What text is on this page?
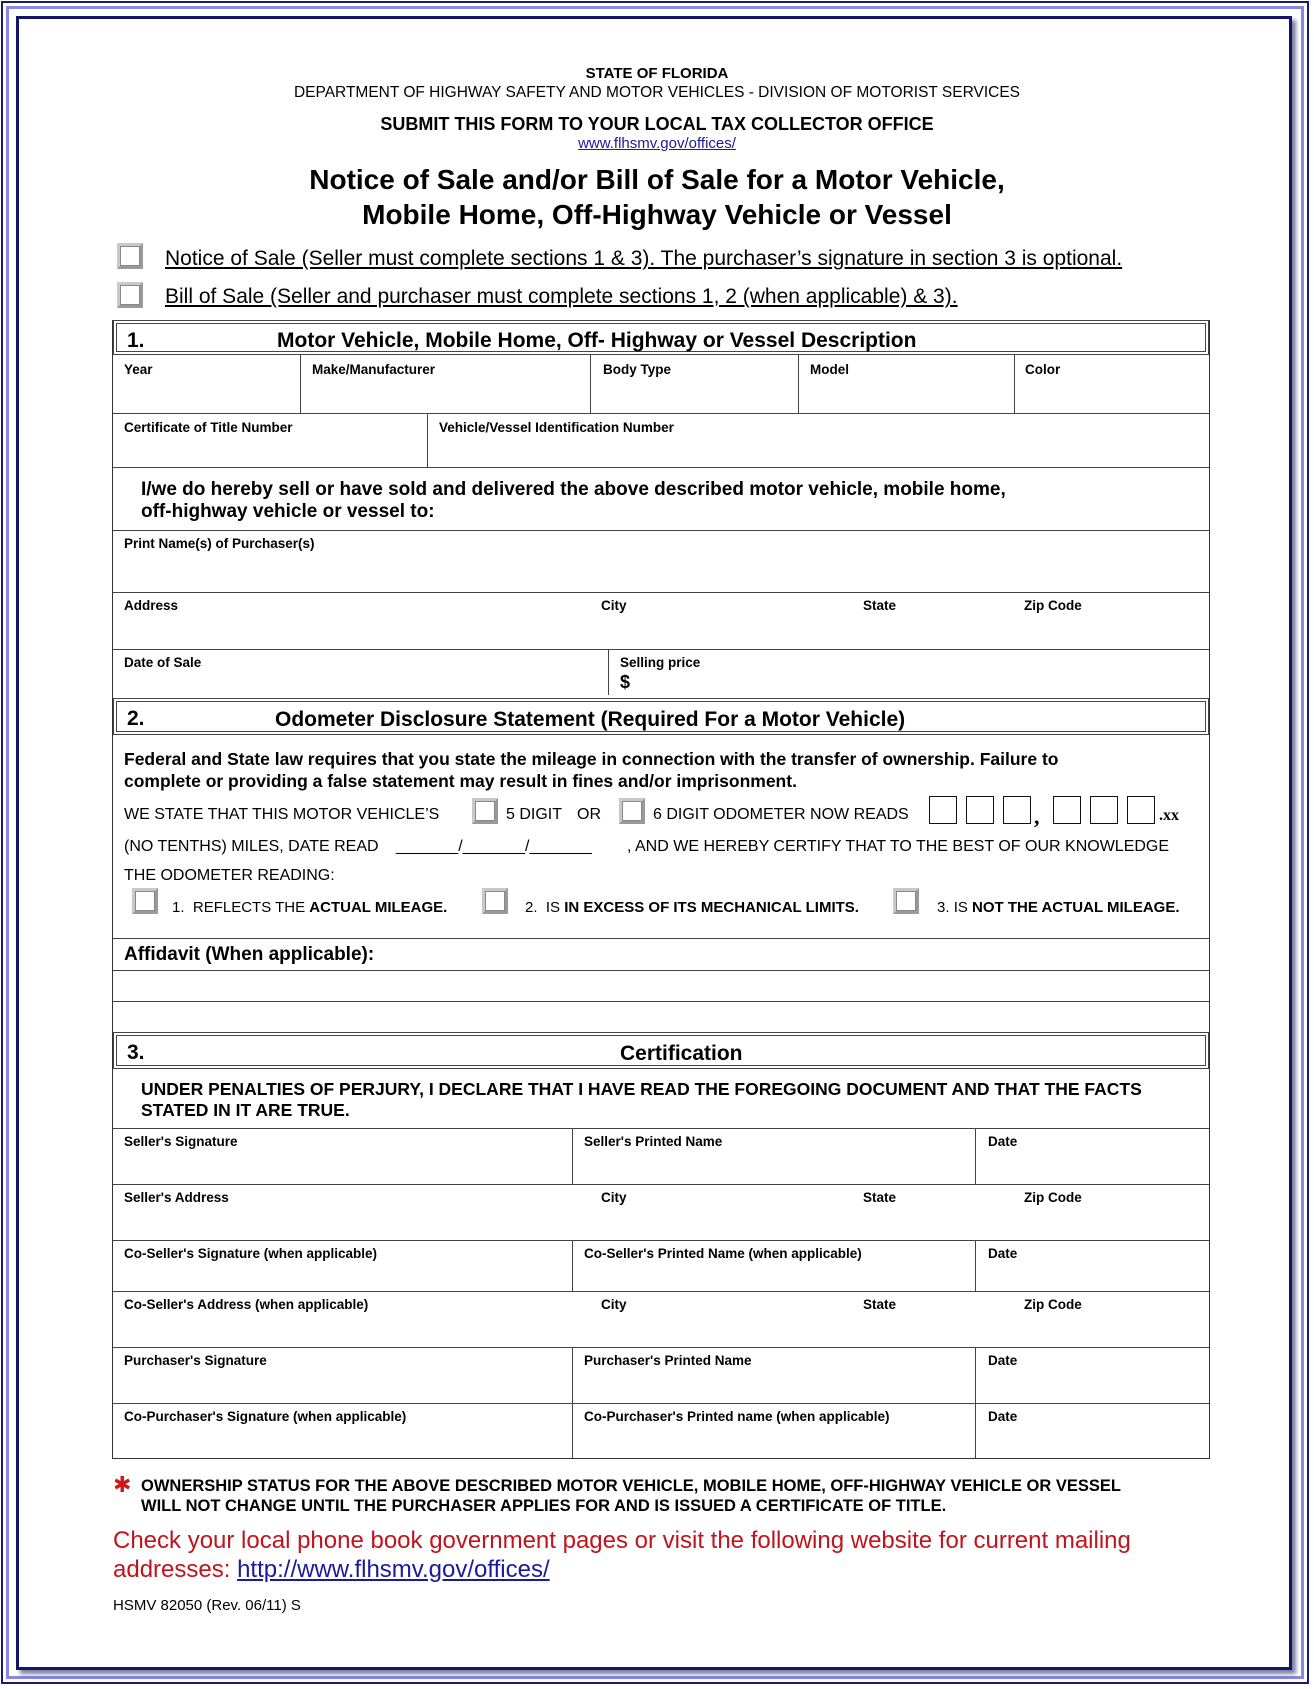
STATE OF FLORIDA
DEPARTMENT OF HIGHWAY SAFETY AND MOTOR VEHICLES - DIVISION OF MOTORIST SERVICES
SUBMIT THIS FORM TO YOUR LOCAL TAX COLLECTOR OFFICE
www.flhsmv.gov/offices/
Notice of Sale and/or Bill of Sale for a Motor Vehicle,
Mobile Home, Off-Highway Vehicle or Vessel
Notice of Sale (Seller must complete sections 1 & 3). The purchaser’s signature in section 3 is optional.
Bill of Sale (Seller and purchaser must complete sections 1, 2 (when applicable) & 3).
1.	Motor Vehicle, Mobile Home, Off- Highway or Vessel Description
Year	Make/Manufacturer	Body Type	Model	Color
Certificate of Title Number	Vehicle/Vessel Identification Number
I/we do hereby sell or have sold and delivered the above described motor vehicle, mobile home,
off-highway vehicle or vessel to:
Print Name(s) of Purchaser(s)
Address	City	State	Zip Code
Date of Sale	Selling price
$
2.	Odometer Disclosure Statement (Required For a Motor Vehicle)
Federal and State law requires that you state the mileage in connection with the transfer of ownership. Failure to
complete or providing a false statement may result in fines and/or imprisonment.
WE STATE THAT THIS MOTOR VEHICLE’S	5 DIGIT OR	6 DIGIT ODOMETER NOW READS	,	.xx
(NO TENTHS) MILES, DATE READ _______/_______/_______ , AND WE HEREBY CERTIFY THAT TO THE BEST OF OUR KNOWLEDGE
THE ODOMETER READING:
1. REFLECTS THE ACTUAL MILEAGE.	2. IS IN EXCESS OF ITS MECHANICAL LIMITS.	3. IS NOT THE ACTUAL MILEAGE.
Affidavit (When applicable):
3.	Certification
UNDER PENALTIES OF PERJURY, I DECLARE THAT I HAVE READ THE FOREGOING DOCUMENT AND THAT THE FACTS
STATED IN IT ARE TRUE.
Seller's Signature	Seller's Printed Name	Date
Seller's Address	City	State	Zip Code
Co-Seller's Signature (when applicable)	Co-Seller's Printed Name (when applicable)	Date
Co-Seller's Address (when applicable)	City	State	Zip Code
Purchaser's Signature	Purchaser's Printed Name	Date
Co-Purchaser's Signature (when applicable)	Co-Purchaser's Printed name (when applicable)	Date
✱ OWNERSHIP STATUS FOR THE ABOVE DESCRIBED MOTOR VEHICLE, MOBILE HOME, OFF-HIGHWAY VEHICLE OR VESSEL
WILL NOT CHANGE UNTIL THE PURCHASER APPLIES FOR AND IS ISSUED A CERTIFICATE OF TITLE.
Check your local phone book government pages or visit the following website for current mailing
addresses: http://www.flhsmv.gov/offices/
HSMV 82050 (Rev. 06/11) S
